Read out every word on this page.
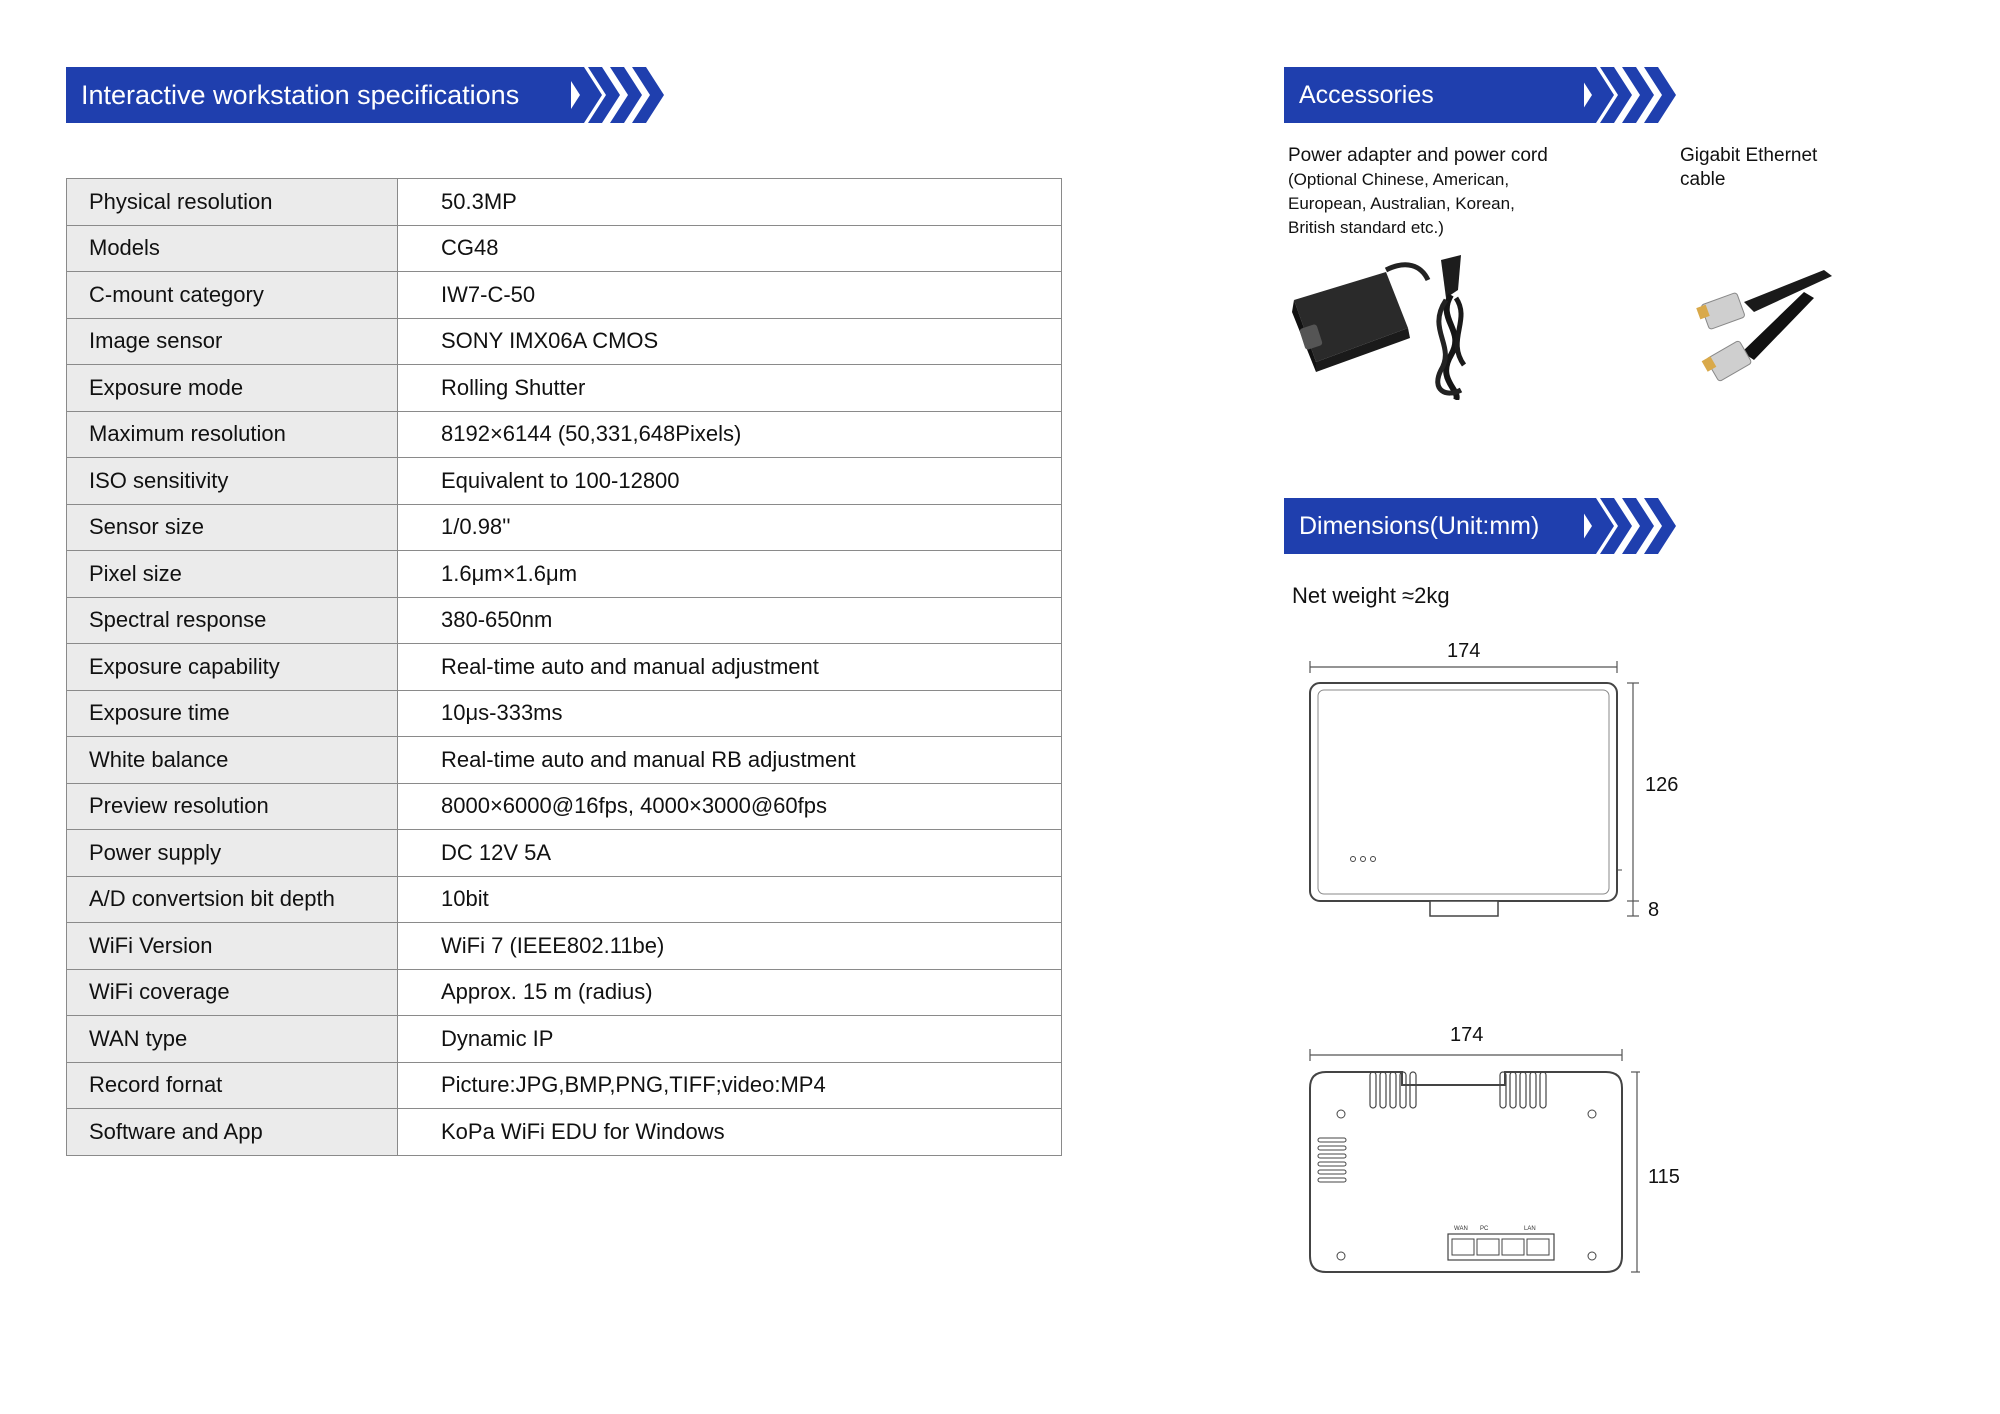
Interactive workstation specifications
Physical resolution	50.3MP
Models	CG48
C-mount category	IW7-C-50
Image sensor	SONY IMX06A CMOS
Exposure mode	Rolling Shutter
Maximum resolution	8192×6144 (50,331,648Pixels)
ISO sensitivity	Equivalent to 100-12800
Sensor size	1/0.98''
Pixel size	1.6μm×1.6μm
Spectral response	380-650nm
Exposure capability	Real-time auto and manual adjustment
Exposure time	10μs-333ms
White balance	Real-time auto and manual RB adjustment
Preview resolution	8000×6000@16fps, 4000×3000@60fps
Power supply	DC 12V 5A
A/D convertsion bit depth	10bit
WiFi Version	WiFi 7 (IEEE802.11be)
WiFi coverage	Approx. 15 m (radius)
WAN type	Dynamic IP
Record fornat	Picture:JPG,BMP,PNG,TIFF;video:MP4
Software and App	KoPa WiFi EDU for Windows
Accessories
Power adapter and power cord
(Optional Chinese, American,
European, Australian, Korean,
British standard etc.)
Gigabit Ethernet
cable
Dimensions(Unit:mm)
Net weight ≈2kg
174
126
8
174
115
WAN PC	LAN
